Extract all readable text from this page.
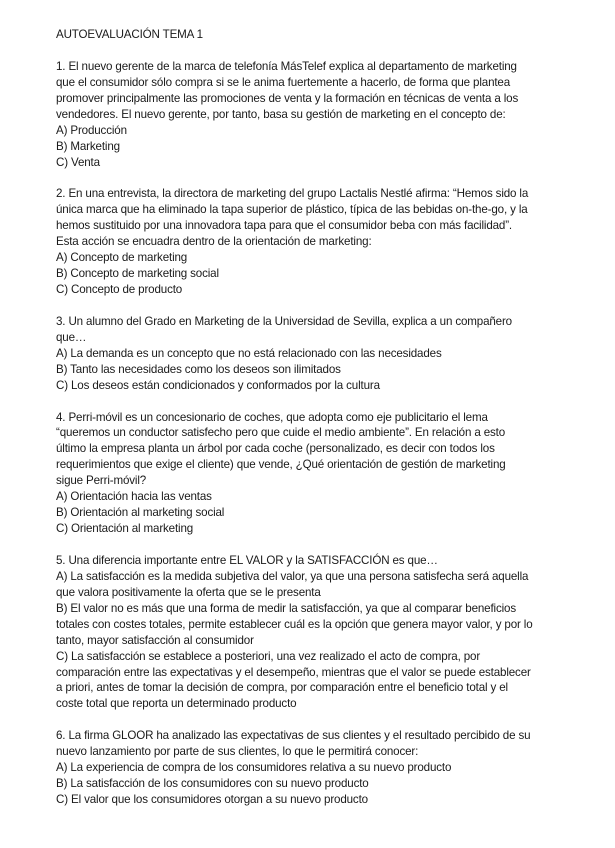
AUTOEVALUACIÓN TEMA 1
1. El nuevo gerente de la marca de telefonía MásTelef explica al departamento de marketing
que el consumidor sólo compra si se le anima fuertemente a hacerlo, de forma que plantea
promover principalmente las promociones de venta y la formación en técnicas de venta a los
vendedores. El nuevo gerente, por tanto, basa su gestión de marketing en el concepto de:
A) Producción
B) Marketing
C) Venta
2. En una entrevista, la directora de marketing del grupo Lactalis Nestlé afirma: “Hemos sido la
única marca que ha eliminado la tapa superior de plástico, típica de las bebidas on-the-go, y la
hemos sustituido por una innovadora tapa para que el consumidor beba con más facilidad”.
Esta acción se encuadra dentro de la orientación de marketing:
A) Concepto de marketing
B) Concepto de marketing social
C) Concepto de producto
3. Un alumno del Grado en Marketing de la Universidad de Sevilla, explica a un compañero
que…
A) La demanda es un concepto que no está relacionado con las necesidades
B) Tanto las necesidades como los deseos son ilimitados
C) Los deseos están condicionados y conformados por la cultura
4. Perri-móvil es un concesionario de coches, que adopta como eje publicitario el lema
“queremos un conductor satisfecho pero que cuide el medio ambiente”. En relación a esto
último la empresa planta un árbol por cada coche (personalizado, es decir con todos los
requerimientos que exige el cliente) que vende, ¿Qué orientación de gestión de marketing
sigue Perri-móvil?
A) Orientación hacia las ventas
B) Orientación al marketing social
C) Orientación al marketing
5. Una diferencia importante entre EL VALOR y la SATISFACCIÓN es que…
A) La satisfacción es la medida subjetiva del valor, ya que una persona satisfecha será aquella
que valora positivamente la oferta que se le presenta
B) El valor no es más que una forma de medir la satisfacción, ya que al comparar beneficios
totales con costes totales, permite establecer cuál es la opción que genera mayor valor, y por lo
tanto, mayor satisfacción al consumidor
C) La satisfacción se establece a posteriori, una vez realizado el acto de compra, por
comparación entre las expectativas y el desempeño, mientras que el valor se puede establecer
a priori, antes de tomar la decisión de compra, por comparación entre el beneficio total y el
coste total que reporta un determinado producto
6. La firma GLOOR ha analizado las expectativas de sus clientes y el resultado percibido de su
nuevo lanzamiento por parte de sus clientes, lo que le permitirá conocer:
A) La experiencia de compra de los consumidores relativa a su nuevo producto
B) La satisfacción de los consumidores con su nuevo producto
C) El valor que los consumidores otorgan a su nuevo producto
